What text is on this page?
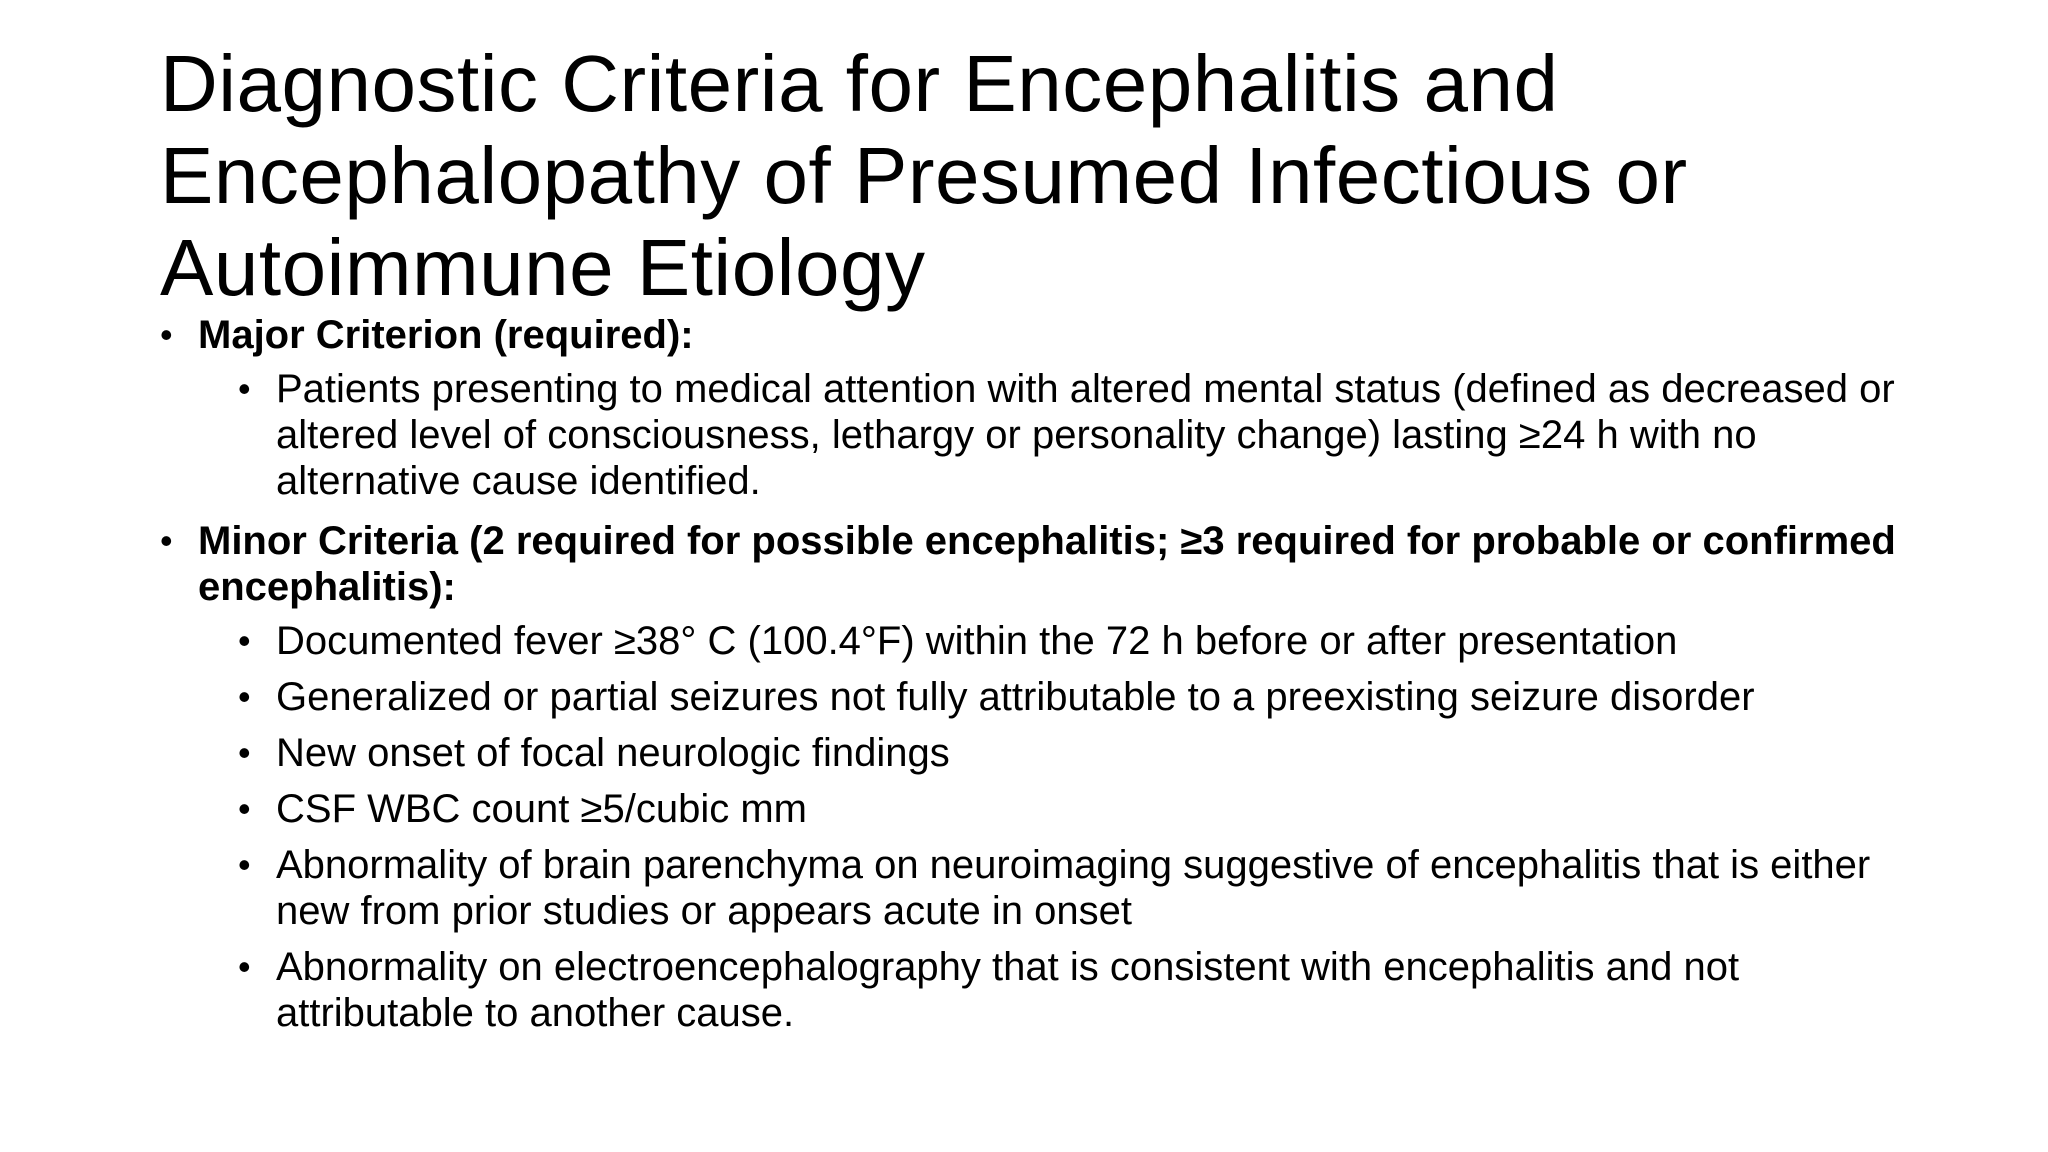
Diagnostic Criteria for Encephalitis and
Encephalopathy of Presumed Infectious or
Autoimmune Etiology
• Major Criterion (required):
• Patients presenting to medical attention with altered mental status (defined as decreased or altered level of consciousness, lethargy or personality change) lasting ≥24 h with no alternative cause identified.
• Minor Criteria (2 required for possible encephalitis; ≥3 required for probable or confirmed encephalitis):
• Documented fever ≥38° C (100.4°F) within the 72 h before or after presentation
• Generalized or partial seizures not fully attributable to a preexisting seizure disorder
• New onset of focal neurologic findings
• CSF WBC count ≥5/cubic mm
• Abnormality of brain parenchyma on neuroimaging suggestive of encephalitis that is either new from prior studies or appears acute in onset
• Abnormality on electroencephalography that is consistent with encephalitis and not attributable to another cause.
